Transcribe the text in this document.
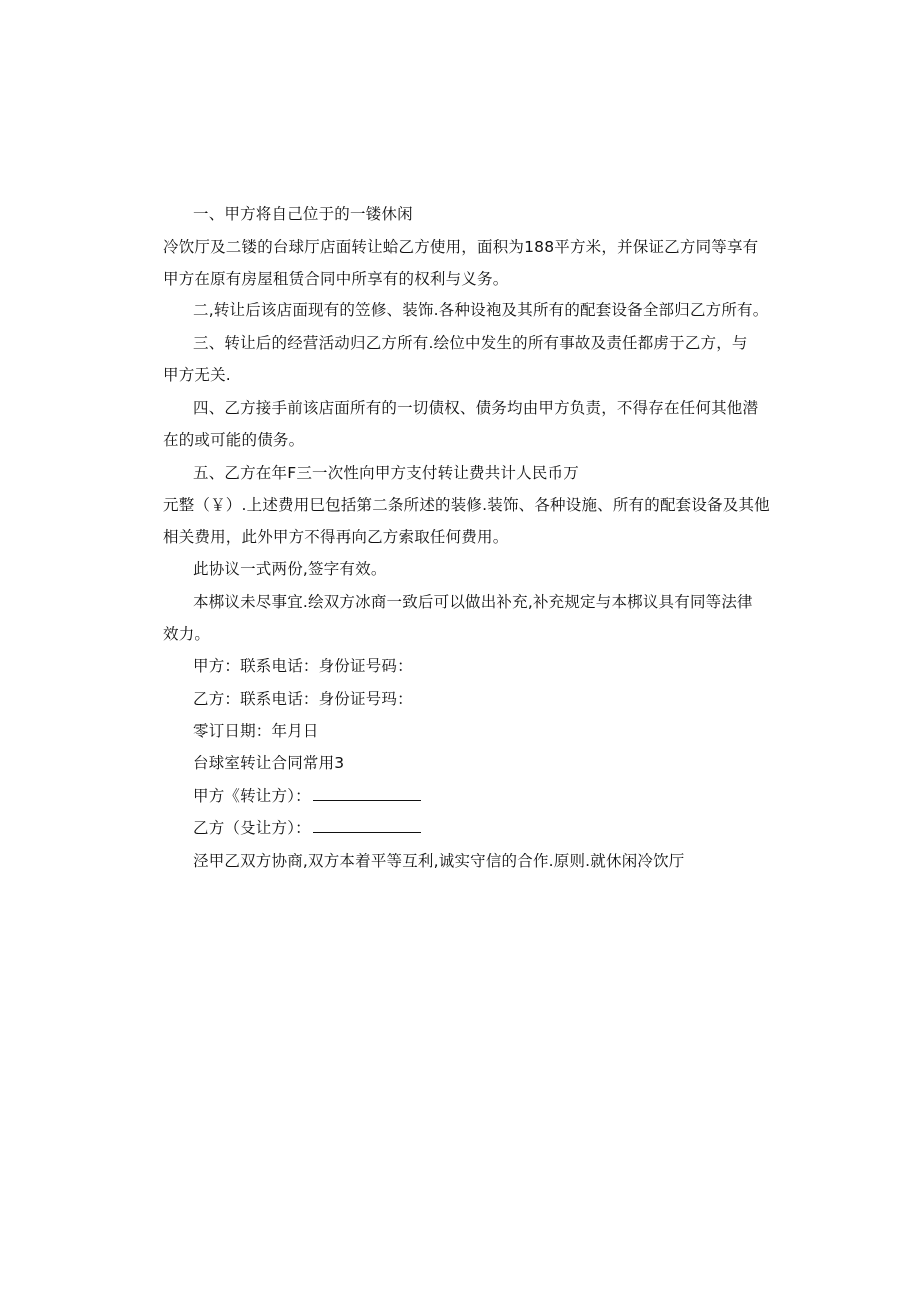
一、甲方将自己位于的一镂休闲
冷饮厅及二镂的台球厅店面转让蛤乙方使用，面积为188平方米，并保证乙方同等享有
甲方在原有房屋租赁合同中所享有的权利与义务。
二,转让后该店面现有的笠修、装饰.各种设袍及其所有的配套设备全部归乙方所有。
三、转让后的经营活动归乙方所有.绘位中发生的所有事故及责任都虏于乙方，与
甲方无关.
四、乙方接手前该店面所有的一切债权、债务均由甲方负责，不得存在任何其他潜
在的或可能的债务。
五、乙方在年F三一次性向甲方支付转让费共计人民币万
元整（￥）.上述费用巳包括第二条所述的装修.装饰、各种设施、所有的配套设备及其他
相关费用，此外甲方不得再向乙方索取任何费用。
此协议一式两份,签字有效。
本梆议未尽事宜.绘双方冰商一致后可以做出补充,补充规定与本梆议具有同等法律
效力。
甲方：联系电话：身份证号码：
乙方：联系电话：身份证号玛：
零订日期：年月日
台球室转让合同常用3
甲方《转让方）：
乙方（殳让方）：
泾甲乙双方协商,双方本着平等互利,诚实守信的合作.原则.就休闲冷饮厅
